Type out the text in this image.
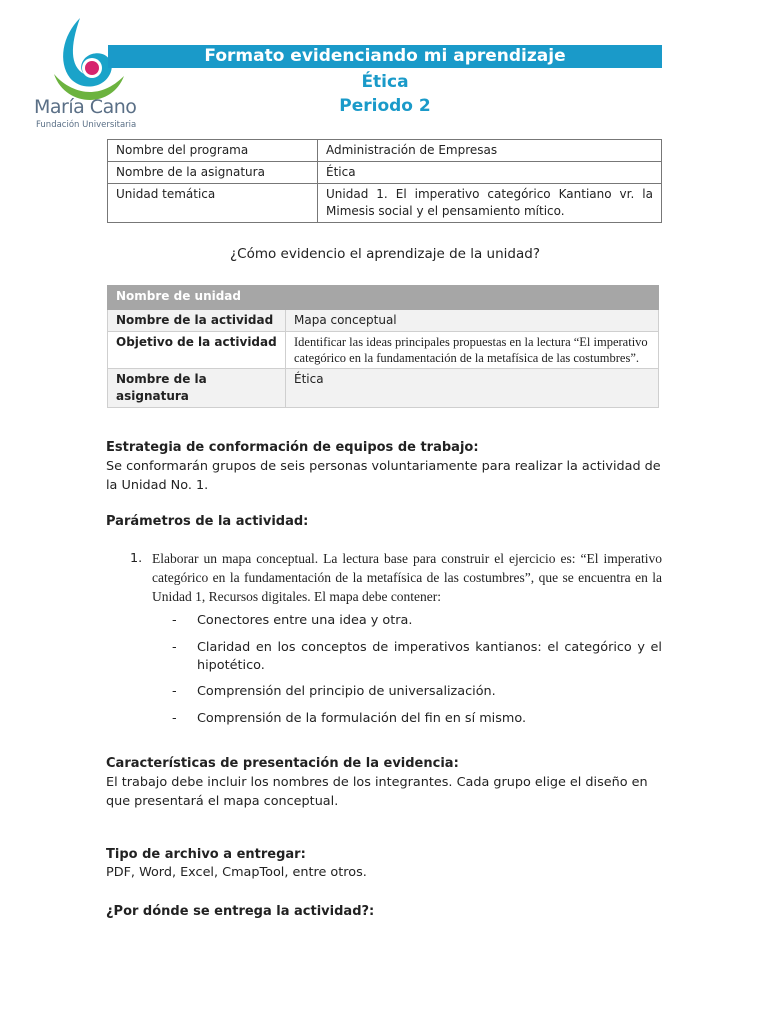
María Cano
Fundación Universitaria
Formato evidenciando mi aprendizaje
Ética
Periodo 2
Nombre del programa	Administración de Empresas
Nombre de la asignatura	Ética
Unidad temática	Unidad 1. El imperativo categórico Kantiano vr. la Mimesis social y el pensamiento mítico.
¿Cómo evidencio el aprendizaje de la unidad?
Nombre de unidad	
Nombre de la actividad	Mapa conceptual
Objetivo de la actividad	Identificar las ideas principales propuestas en la lectura “El imperativo categórico en la fundamentación de la metafísica de las costumbres”.
Nombre de la asignatura	Ética
Estrategia de conformación de equipos de trabajo:
Se conformarán grupos de seis personas voluntariamente para realizar la actividad de la Unidad No. 1.
Parámetros de la actividad:
1. Elaborar un mapa conceptual. La lectura base para construir el ejercicio es: “El imperativo categórico en la fundamentación de la metafísica de las costumbres”, que se encuentra en la Unidad 1, Recursos digitales. El mapa debe contener:
- Conectores entre una idea y otra.
- Claridad en los conceptos de imperativos kantianos: el categórico y el hipotético.
- Comprensión del principio de universalización.
- Comprensión de la formulación del fin en sí mismo.
Características de presentación de la evidencia:
El trabajo debe incluir los nombres de los integrantes. Cada grupo elige el diseño en que presentará el mapa conceptual.
Tipo de archivo a entregar:
PDF, Word, Excel, CmapTool, entre otros.
¿Por dónde se entrega la actividad?:
